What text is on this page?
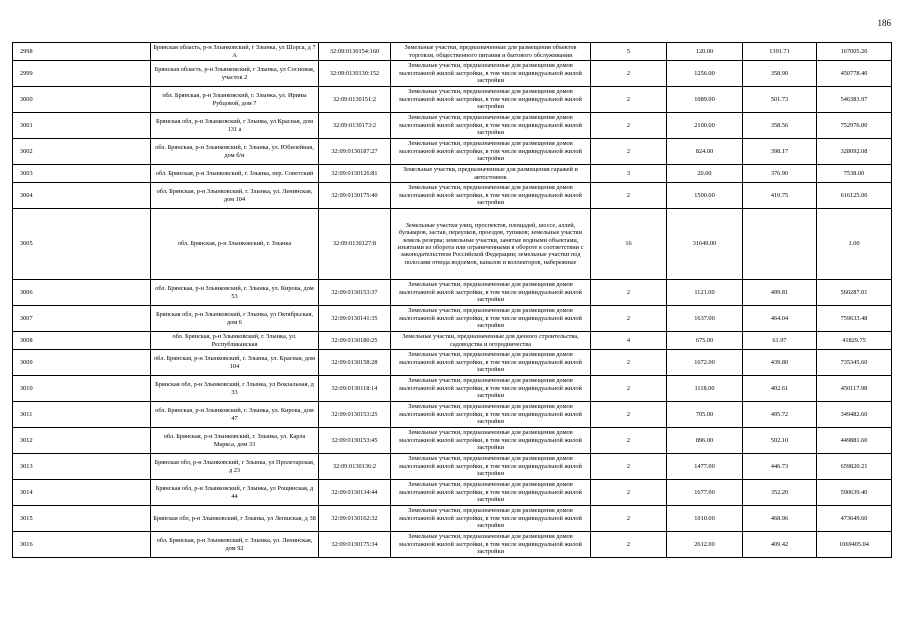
186
2998	Брянская область, р-н Злынковский, г Злынка, ул Шорса, д 7 А	32:09:0130154:160	Земельные участки, предназначенные для размещения объектов торговли, общественного питания и бытового обслуживания	5	120.00	1391.71	167005.20
2999	Брянская область, р-н Злынковский, г Злынка, ул Сосновая, участок 2	32:09:0130130:152	Земельные участки, предназначенные для размещения домов малоэтажной жилой застройки, в том числе индивидуальной жилой застройки	2	1256.00	358.90	450778.40
3000	обл. Брянская, р-н Злынковский, г. Злынка, ул. Ирины Рубцовой, дом 7	32:09:0130151:2	Земельные участки, предназначенные для размещения домов малоэтажной жилой застройки, в том числе индивидуальной жилой застройки	2	1089.00	501.73	546383.97
3001	Брянская обл, р-н Злынковский, г Злынка, ул Красная, дом 131 а	32:09:0130173:2	Земельные участки, предназначенные для размещения домов малоэтажной жилой застройки, в том числе индивидуальной жилой застройки	2	2100.00	358.56	752976.00
3002	обл. Брянская, р-н Злынковский, г. Злынка, ул. Юбилейная, дом б/н	32:09:0130187:27	Земельные участки, предназначенные для размещения домов малоэтажной жилой застройки, в том числе индивидуальной жилой застройки	2	824.00	398.17	328092.08
3003	обл. Брянская, р-н Злынковский, г. Злынка, пер. Советский	32:09:0130126:81	Земельные участки, предназначенные для размещения гаражей и автостоянок	3	20.00	376.90	7538.00
3004	обл. Брянская, р-н Злынковский, г. Злынка, ул. Ленинская, дом 104	32:09:0130175:40	Земельные участки, предназначенные для размещения домов малоэтажной жилой застройки, в том числе индивидуальной жилой застройки	2	1500.00	410.75	616125.00
3005	обл. Брянская, р-н Злынковский, г. Злынка	32:09:0130127:8	Земельные участки улиц, проспектов, площадей, шоссе, аллей, бульваров, застав, переулков, проездов, тупиков; земельные участки земель резерва; земельные участки, занятые водными объектами, изъятыми из оборота или ограниченными в обороте в соответствии с законодательством Российской Федерации; земельные участки под полосами отвода водоемов, каналов и коллекторов, набережные	16	31649.00		1.00
3006	обл. Брянская, р-н Злынковский, г. Злынка, ул. Кирова, дом 53	32:09:0130153:37	Земельные участки, предназначенные для размещения домов малоэтажной жилой застройки, в том числе индивидуальной жилой застройки	2	1121.00	499.81	560287.01
3007	Брянская обл, р-н Злынковский, г Злынка, ул Октябрьская, дом 6	32:09:0130141:35	Земельные участки, предназначенные для размещения домов малоэтажной жилой застройки, в том числе индивидуальной жилой застройки	2	1637.00	464.04	759633.48
3008	обл. Брянская, р-н Злынковский, г. Злынка, ул. Республиканская	32:09:0130180:25	Земельные участки, предназначенные для дачного строительства, садоводства и огородничества	4	675.00	61.97	41829.75
3009	обл. Брянская, р-н Злынковский, г. Злынка, ул. Красная, дом 104	32:09:0130158:28	Земельные участки, предназначенные для размещения домов малоэтажной жилой застройки, в том числе индивидуальной жилой застройки	2	1672.00	439.80	735345.60
3010	Брянская обл, р-н Злынковский, г Злынка, ул Вокзальная, д 33	32:09:0130118:14	Земельные участки, предназначенные для размещения домов малоэтажной жилой застройки, в том числе индивидуальной жилой застройки	2	1118.00	402.61	450117.98
3011	обл. Брянская, р-н Злынковский, г. Злынка, ул. Кирова, дом 47	32:09:0130153:25	Земельные участки, предназначенные для размещения домов малоэтажной жилой застройки, в том числе индивидуальной жилой застройки	2	705.00	495.72	349482.60
3012	обл. Брянская, р-н Злынковский, г. Злынка, ул. Карла Маркса, дом 33	32:09:0130153:45	Земельные участки, предназначенные для размещения домов малоэтажной жилой застройки, в том числе индивидуальной жилой застройки	2	896.00	502.10	449881.60
3013	Брянская обл, р-н Злынковский, г Злынка, ул Пролетарская, д 23	32:09:0130136:2	Земельные участки, предназначенные для размещения домов малоэтажной жилой застройки, в том числе индивидуальной жилой застройки	2	1477.00	446.73	659820.21
3014	Брянская обл, р-н Злынковский, г Злынка, ул Рощинская, д 44	32:09:0130134:44	Земельные участки, предназначенные для размещения домов малоэтажной жилой застройки, в том числе индивидуальной жилой застройки	2	1677.00	352.20	590639.40
3015	Брянская обл, р-н Злынковский, г Злынка, ул Лепшская, д 38	32:09:0130162:32	Земельные участки, предназначенные для размещения домов малоэтажной жилой застройки, в том числе индивидуальной жилой застройки	2	1010.00	468.96	473649.60
3016	обл. Брянская, р-н Злынковский, г. Злынка, ул. Ленинская, дом 92	32:09:0130175:34	Земельные участки, предназначенные для размещения домов малоэтажной жилой застройки, в том числе индивидуальной жилой застройки	2	2612.00	409.42	1069405.04
